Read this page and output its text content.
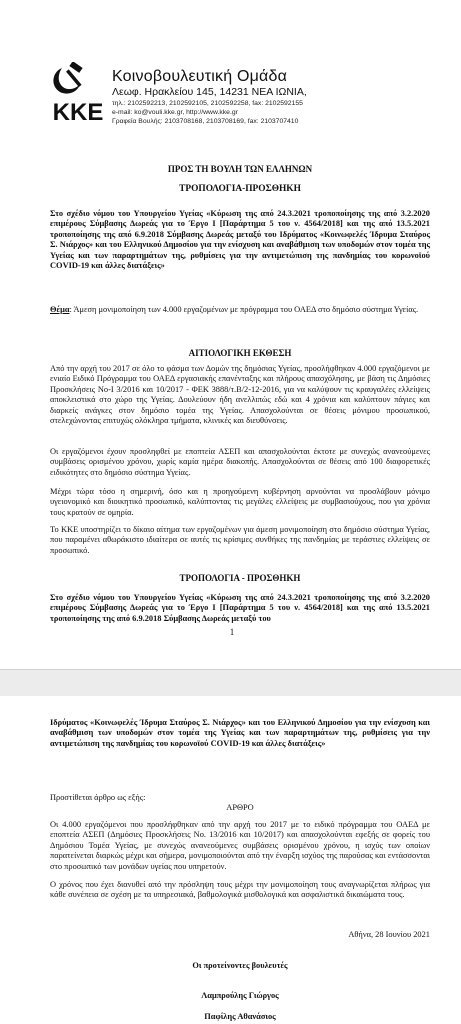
KKE
Κοινοβουλευτική Ομάδα
Λεωφ. Ηρακλείου 145, 14231 ΝΕΑ ΙΩΝΙΑ,
τηλ.: 2102592213, 2102592105, 2102592258, fax: 2102592155
e-mail: ko@vouli.kke.gr, http://www.kke.gr
Γραφεία Βουλής: 2103708168, 2103708169, fax: 2103707410
ΠΡΟΣ ΤΗ ΒΟΥΛΗ ΤΩΝ ΕΛΛΗΝΩΝ
ΤΡΟΠΟΛΟΓΙΑ-ΠΡΟΣΘΗΚΗ
Στο σχέδιο νόμου του Υπουργείου Υγείας «Κύρωση της από 24.3.2021 τροποποίησης της από 3.2.2020 επιμέρους Σύμβασης Δωρεάς για το Έργο I [Παράρτημα 5 του ν. 4564/2018] και της από 13.5.2021 τροποποίησης της από 6.9.2018 Σύμβασης Δωρεάς μεταξύ του Ιδρύματος «Κοινωφελές Ίδρυμα Σταύρος Σ. Νιάρχος» και του Ελληνικού Δημοσίου για την ενίσχυση και αναβάθμιση των υποδομών στον τομέα της Υγείας και των παραρτημάτων της, ρυθμίσεις για την αντιμετώπιση της πανδημίας του κορωνοϊού COVID-19 και άλλες διατάξεις»
Θέμα: Άμεση μονιμοποίηση των 4.000 εργαζομένων με πρόγραμμα του ΟΑΕΔ στο δημόσιο σύστημα Υγείας.
ΑΙΤΙΟΛΟΓΙΚΗ ΕΚΘΕΣΗ
Από την αρχή του 2017 σε όλο το φάσμα των Δομών της δημόσιας Υγείας, προσλήφθηκαν 4.000 εργαζόμενοι με ενιαίο Ειδικό Πρόγραμμα του ΟΑΕΔ εργασιακής επανένταξης και πλήρους απασχόλησης, με βάση τις Δημόσιες Προσκλήσεις Νο-Ι 3/2016 και 10/2017 - ΦΕΚ 3888/τ.Β/2-12-2016, για να καλύψουν τις κραυγαλέες ελλείψεις αποκλειστικά στο χώρο της Υγείας. Δουλεύουν ήδη ανελλιπώς εδώ και 4 χρόνια και καλύπτουν πάγιες και διαρκείς ανάγκες στον δημόσιο τομέα της Υγείας. Απασχολούνται σε θέσεις μόνιμου προσωπικού, στελεχώνοντας επιτυχώς ολόκληρα τμήματα, κλινικές και διευθύνσεις.
Οι εργαζόμενοι έχουν προσληφθεί με εποπτεία ΑΣΕΠ και απασχολούνται έκτοτε με συνεχώς ανανεούμενες συμβάσεις ορισμένου χρόνου, χωρίς καμία ημέρα διακοπής. Απασχολούνται σε θέσεις από 100 διαφορετικές ειδικότητες στο δημόσιο σύστημα Υγείας.
Μέχρι τώρα τόσο η σημερινή, όσο και η προηγούμενη κυβέρνηση αρνούνται να προσλάβουν μόνιμο υγειονομικό και διοικητικό προσωπικό, καλύπτοντας τις μεγάλες ελλείψεις με συμβασιούχους, που για χρόνια τους κρατούν σε ομηρία.
Το ΚΚΕ υποστηρίζει το δίκαιο αίτημα των εργαζομένων για άμεση μονιμοποίηση στο δημόσιο σύστημα Υγείας, που παραμένει αθωράκιστο ιδιαίτερα σε αυτές τις κρίσιμες συνθήκες της πανδημίας με τεράστιες ελλείψεις σε προσωπικό.
ΤΡΟΠΟΛΟΓΙΑ - ΠΡΟΣΘΗΚΗ
Στο σχέδιο νόμου του Υπουργείου Υγείας «Κύρωση της από 24.3.2021 τροποποίησης της από 3.2.2020 επιμέρους Σύμβασης Δωρεάς για το Έργο I [Παράρτημα 5 του ν. 4564/2018] και της από 13.5.2021 τροποποίησης της από 6.9.2018 Σύμβασης Δωρεάς μεταξύ του
1
Ιδρύματος «Κοινωφελές Ίδρυμα Σταύρος Σ. Νιάρχος» και του Ελληνικού Δημοσίου για την ενίσχυση και αναβάθμιση των υποδομών στον τομέα της Υγείας και των παραρτημάτων της, ρυθμίσεις για την αντιμετώπιση της πανδημίας του κορωνοϊού COVID-19 και άλλες διατάξεις»
Προστίθεται άρθρο ως εξής:
ΑΡΘΡΟ
Οι 4.000 εργαζόμενοι που προσλήφθηκαν από την αρχή του 2017 με το ειδικό πρόγραμμα του ΟΑΕΔ με εποπτεία ΑΣΕΠ (Δημόσιες Προσκλήσεις Νο. 13/2016 και 10/2017) και απασχολούνται εφεξής σε φορείς του Δημόσιου Τομέα Υγείας, με συνεχώς ανανεούμενες συμβάσεις ορισμένου χρόνου, η ισχύς των οποίων παρατείνεται διαρκώς μέχρι και σήμερα, μονιμοποιούνται από την έναρξη ισχύος της παρούσας και εντάσσονται στο προσωπικό των μονάδων υγείας που υπηρετούν.
Ο χρόνος που έχει διανυθεί από την πρόσληψη τους μέχρι την μονιμοποίηση τους αναγνωρίζεται πλήρως για κάθε συνέπεια σε σχέση με τα υπηρεσιακά, βαθμολογικά μισθολογικά και ασφαλιστικά δικαιώματα τους.
Αθήνα, 28 Ιουνίου 2021
Οι προτείνοντες βουλευτές
Λαμπρούλης Γιώργος
Παφίλης Αθανάσιος
